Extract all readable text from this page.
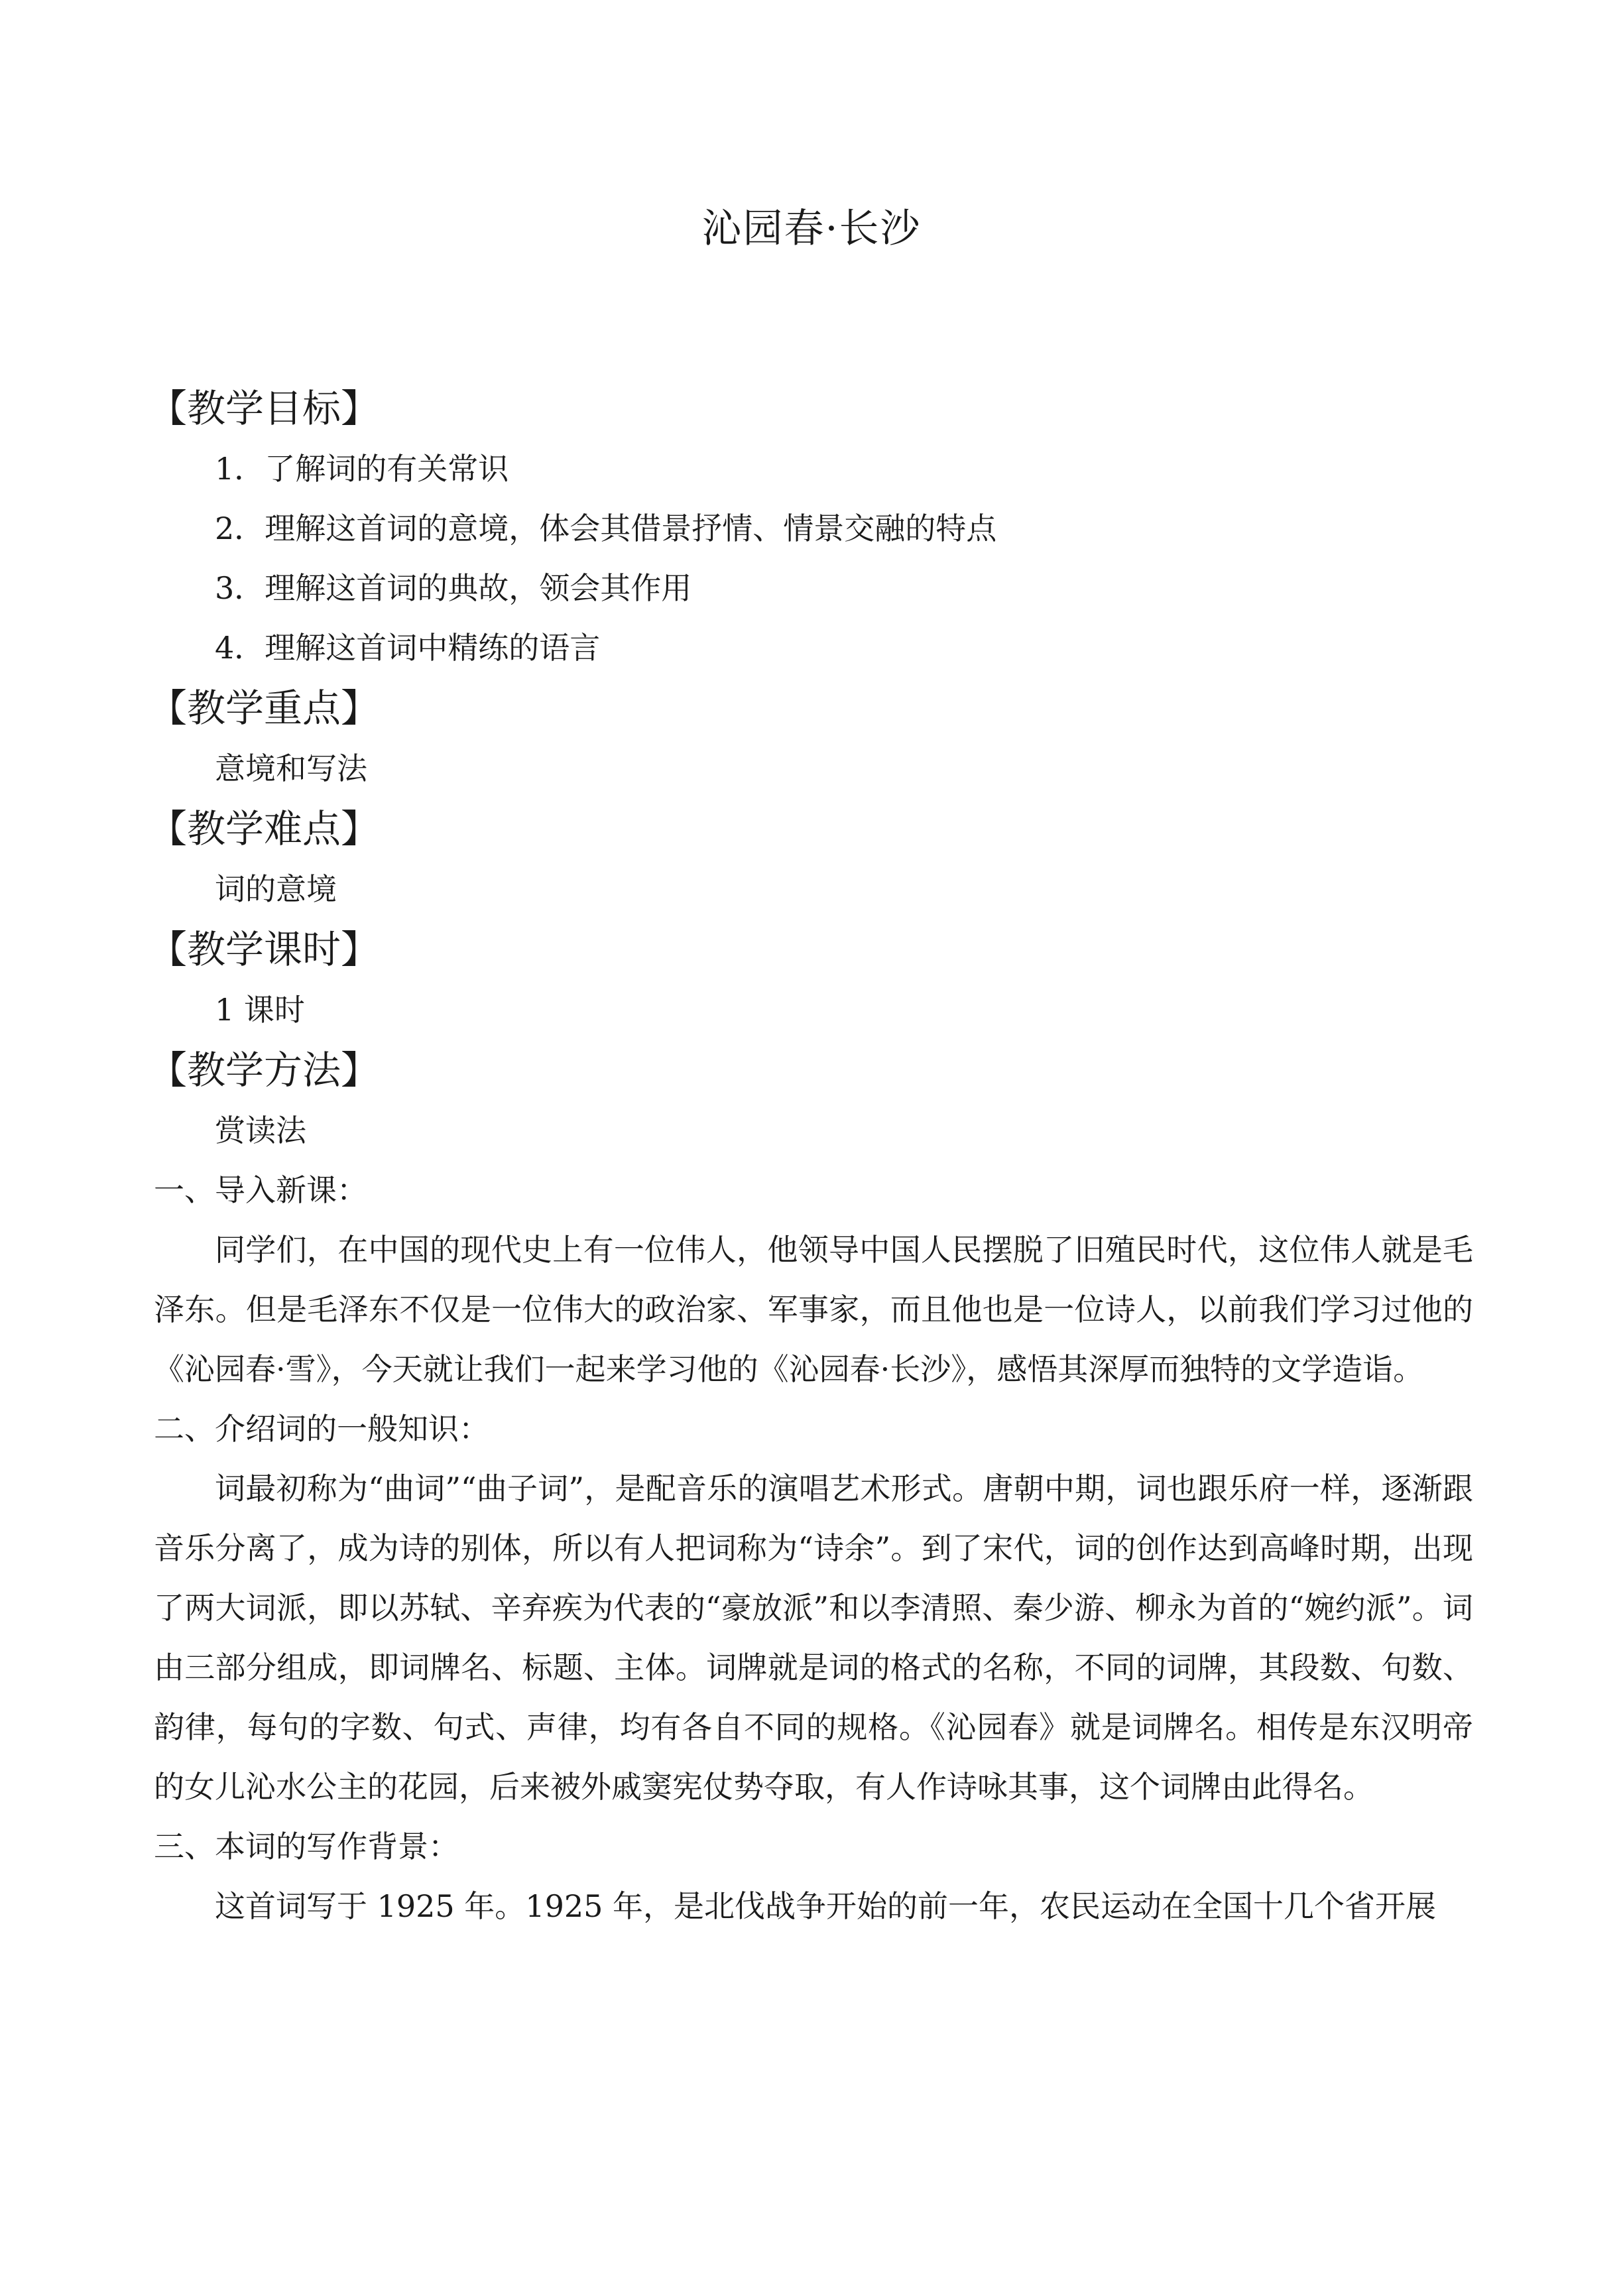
沁园春·长沙
【教学目标】
1．了解词的有关常识
2．理解这首词的意境，体会其借景抒情、情景交融的特点
3．理解这首词的典故，领会其作用
4．理解这首词中精练的语言
【教学重点】
意境和写法
【教学难点】
词的意境
【教学课时】
1 课时
【教学方法】
赏读法
一、导入新课：

同学们，在中国的现代史上有一位伟人，他领导中国人民摆脱了旧殖民时代，这位伟人就是毛泽东。但是毛泽东不仅是一位伟大的政治家、军事家，而且他也是一位诗人，以前我们学习过他的《沁园春·雪》，今天就让我们一起来学习他的《沁园春·长沙》，感悟其深厚而独特的文学造诣。

二、介绍词的一般知识：

词最初称为“曲词”“曲子词”，是配音乐的演唱艺术形式。唐朝中期，词也跟乐府一样，逐渐跟音乐分离了，成为诗的别体，所以有人把词称为“诗余”。到了宋代，词的创作达到高峰时期，出现了两大词派，即以苏轼、辛弃疾为代表的“豪放派”和以李清照、秦少游、柳永为首的“婉约派”。词由三部分组成，即词牌名、标题、主体。词牌就是词的格式的名称，不同的词牌，其段数、句数、韵律，每句的字数、句式、声律，均有各自不同的规格。《沁园春》就是词牌名。相传是东汉明帝的女儿沁水公主的花园，后来被外戚窦宪仗势夺取，有人作诗咏其事，这个词牌由此得名。

三、本词的写作背景：

这首词写于 1925 年。1925 年，是北伐战争开始的前一年，农民运动在全国十几个省开展
